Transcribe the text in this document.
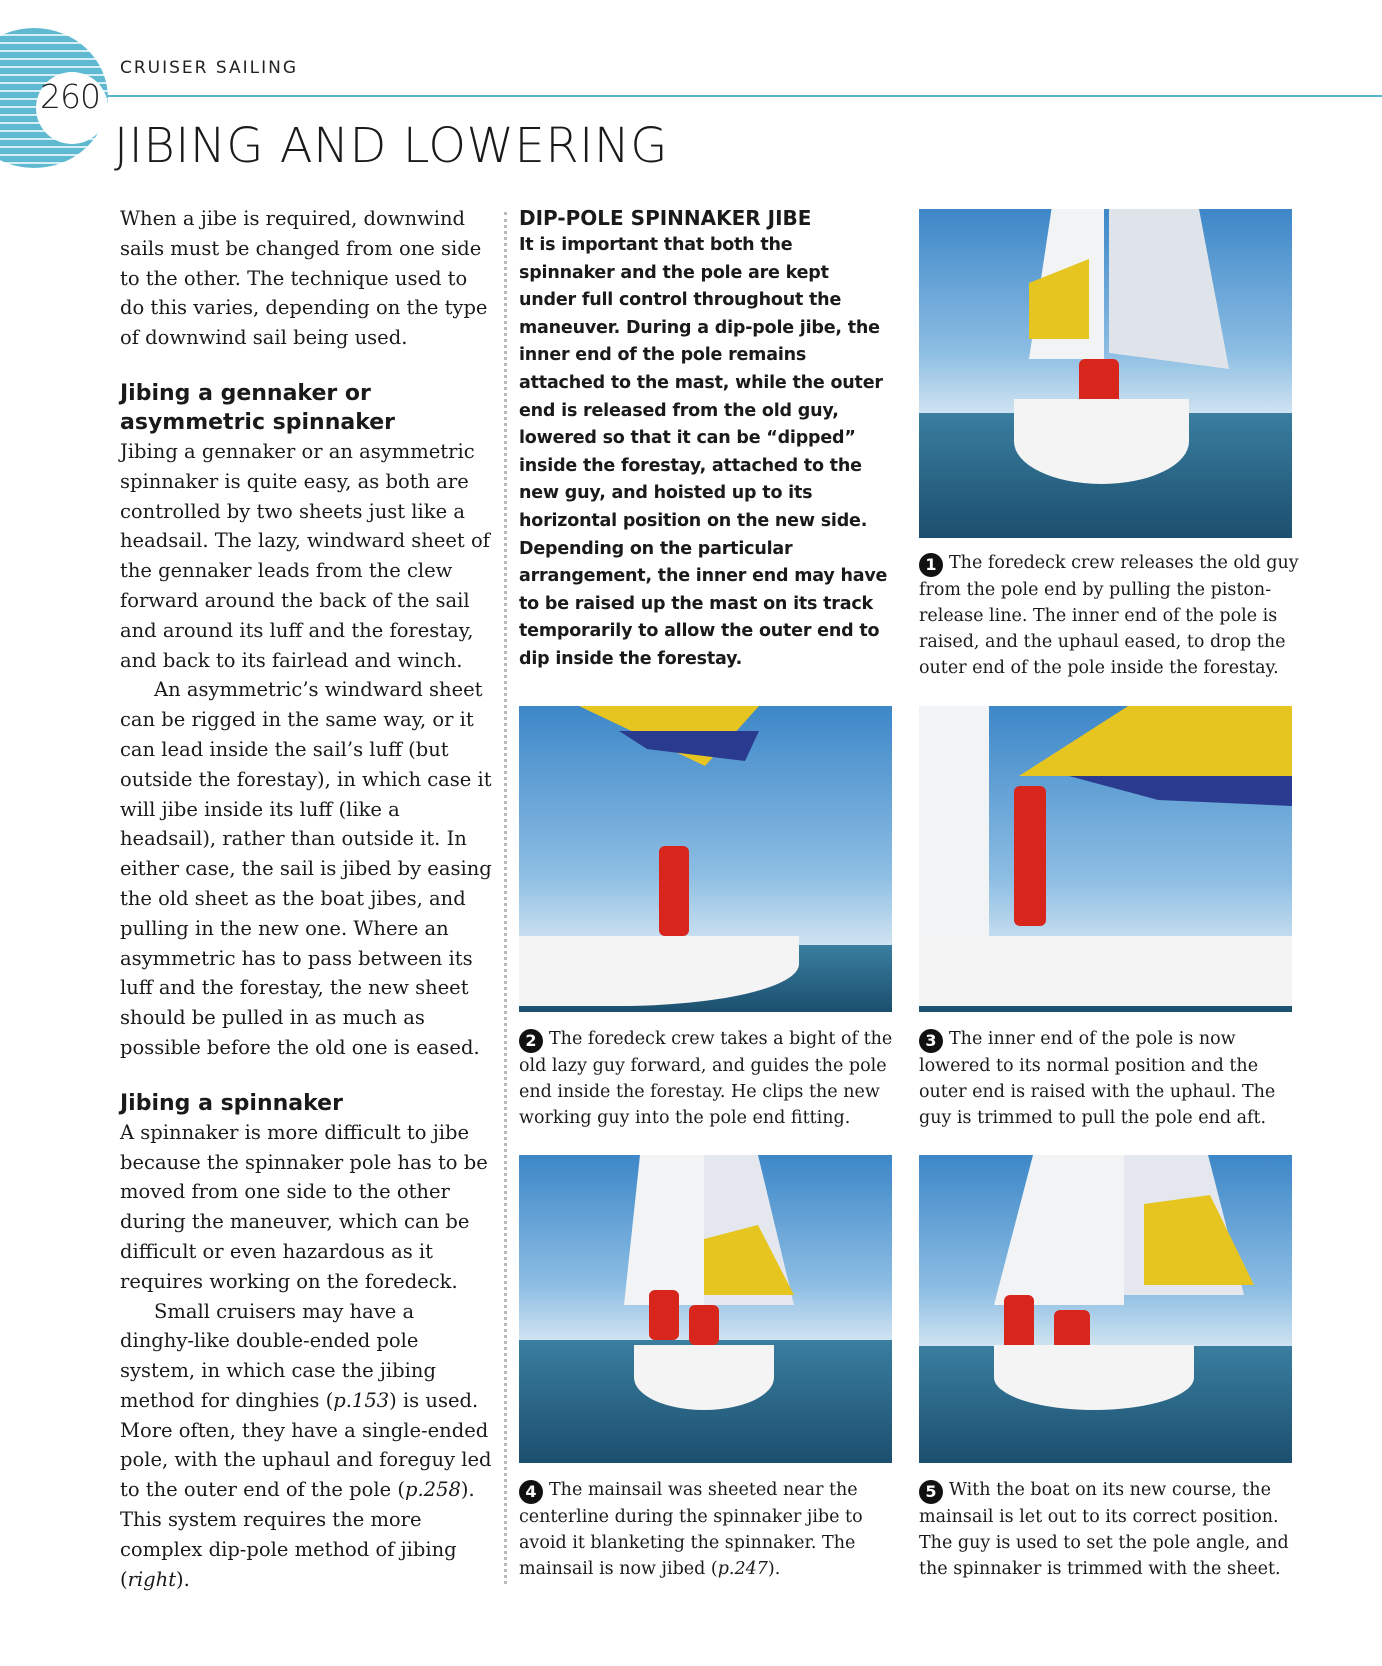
260
CRUISER SAILING
JIBING AND LOWERING

When a jibe is required, downwind sails must be changed from one side to the other. The technique used to do this varies, depending on the type of downwind sail being used.

Jibing a gennaker or asymmetric spinnaker

Jibing a gennaker or an asymmetric spinnaker is quite easy, as both are controlled by two sheets just like a headsail. The lazy, windward sheet of the gennaker leads from the clew forward around the back of the sail and around its luff and the forestay, and back to its fairlead and winch.

An asymmetric’s windward sheet can be rigged in the same way, or it can lead inside the sail’s luff (but outside the forestay), in which case it will jibe inside its luff (like a headsail), rather than outside it. In either case, the sail is jibed by easing the old sheet as the boat jibes, and pulling in the new one. Where an asymmetric has to pass between its luff and the forestay, the new sheet should be pulled in as much as possible before the old one is eased.

Jibing a spinnaker

A spinnaker is more difficult to jibe because the spinnaker pole has to be moved from one side to the other during the maneuver, which can be difficult or even hazardous as it requires working on the foredeck.

Small cruisers may have a dinghy-like double-ended pole system, in which case the jibing method for dinghies (p.153) is used. More often, they have a single-ended pole, with the uphaul and foreguy led to the outer end of the pole (p.258). This system requires the more complex dip-pole method of jibing (right).

DIP-POLE SPINNAKER JIBE

It is important that both the spinnaker and the pole are kept under full control throughout the maneuver. During a dip-pole jibe, the inner end of the pole remains attached to the mast, while the outer end is released from the old guy, lowered so that it can be “dipped” inside the forestay, attached to the new guy, and hoisted up to its horizontal position on the new side. Depending on the particular arrangement, the inner end may have to be raised up the mast on its track temporarily to allow the outer end to dip inside the forestay.

1 The foredeck crew releases the old guy from the pole end by pulling the piston-release line. The inner end of the pole is raised, and the uphaul eased, to drop the outer end of the pole inside the forestay.
2 The foredeck crew takes a bight of the old lazy guy forward, and guides the pole end inside the forestay. He clips the new working guy into the pole end fitting.
3 The inner end of the pole is now lowered to its normal position and the outer end is raised with the uphaul. The guy is trimmed to pull the pole end aft.
4 The mainsail was sheeted near the centerline during the spinnaker jibe to avoid it blanketing the spinnaker. The mainsail is now jibed (p.247).
5 With the boat on its new course, the mainsail is let out to its correct position. The guy is used to set the pole angle, and the spinnaker is trimmed with the sheet.
